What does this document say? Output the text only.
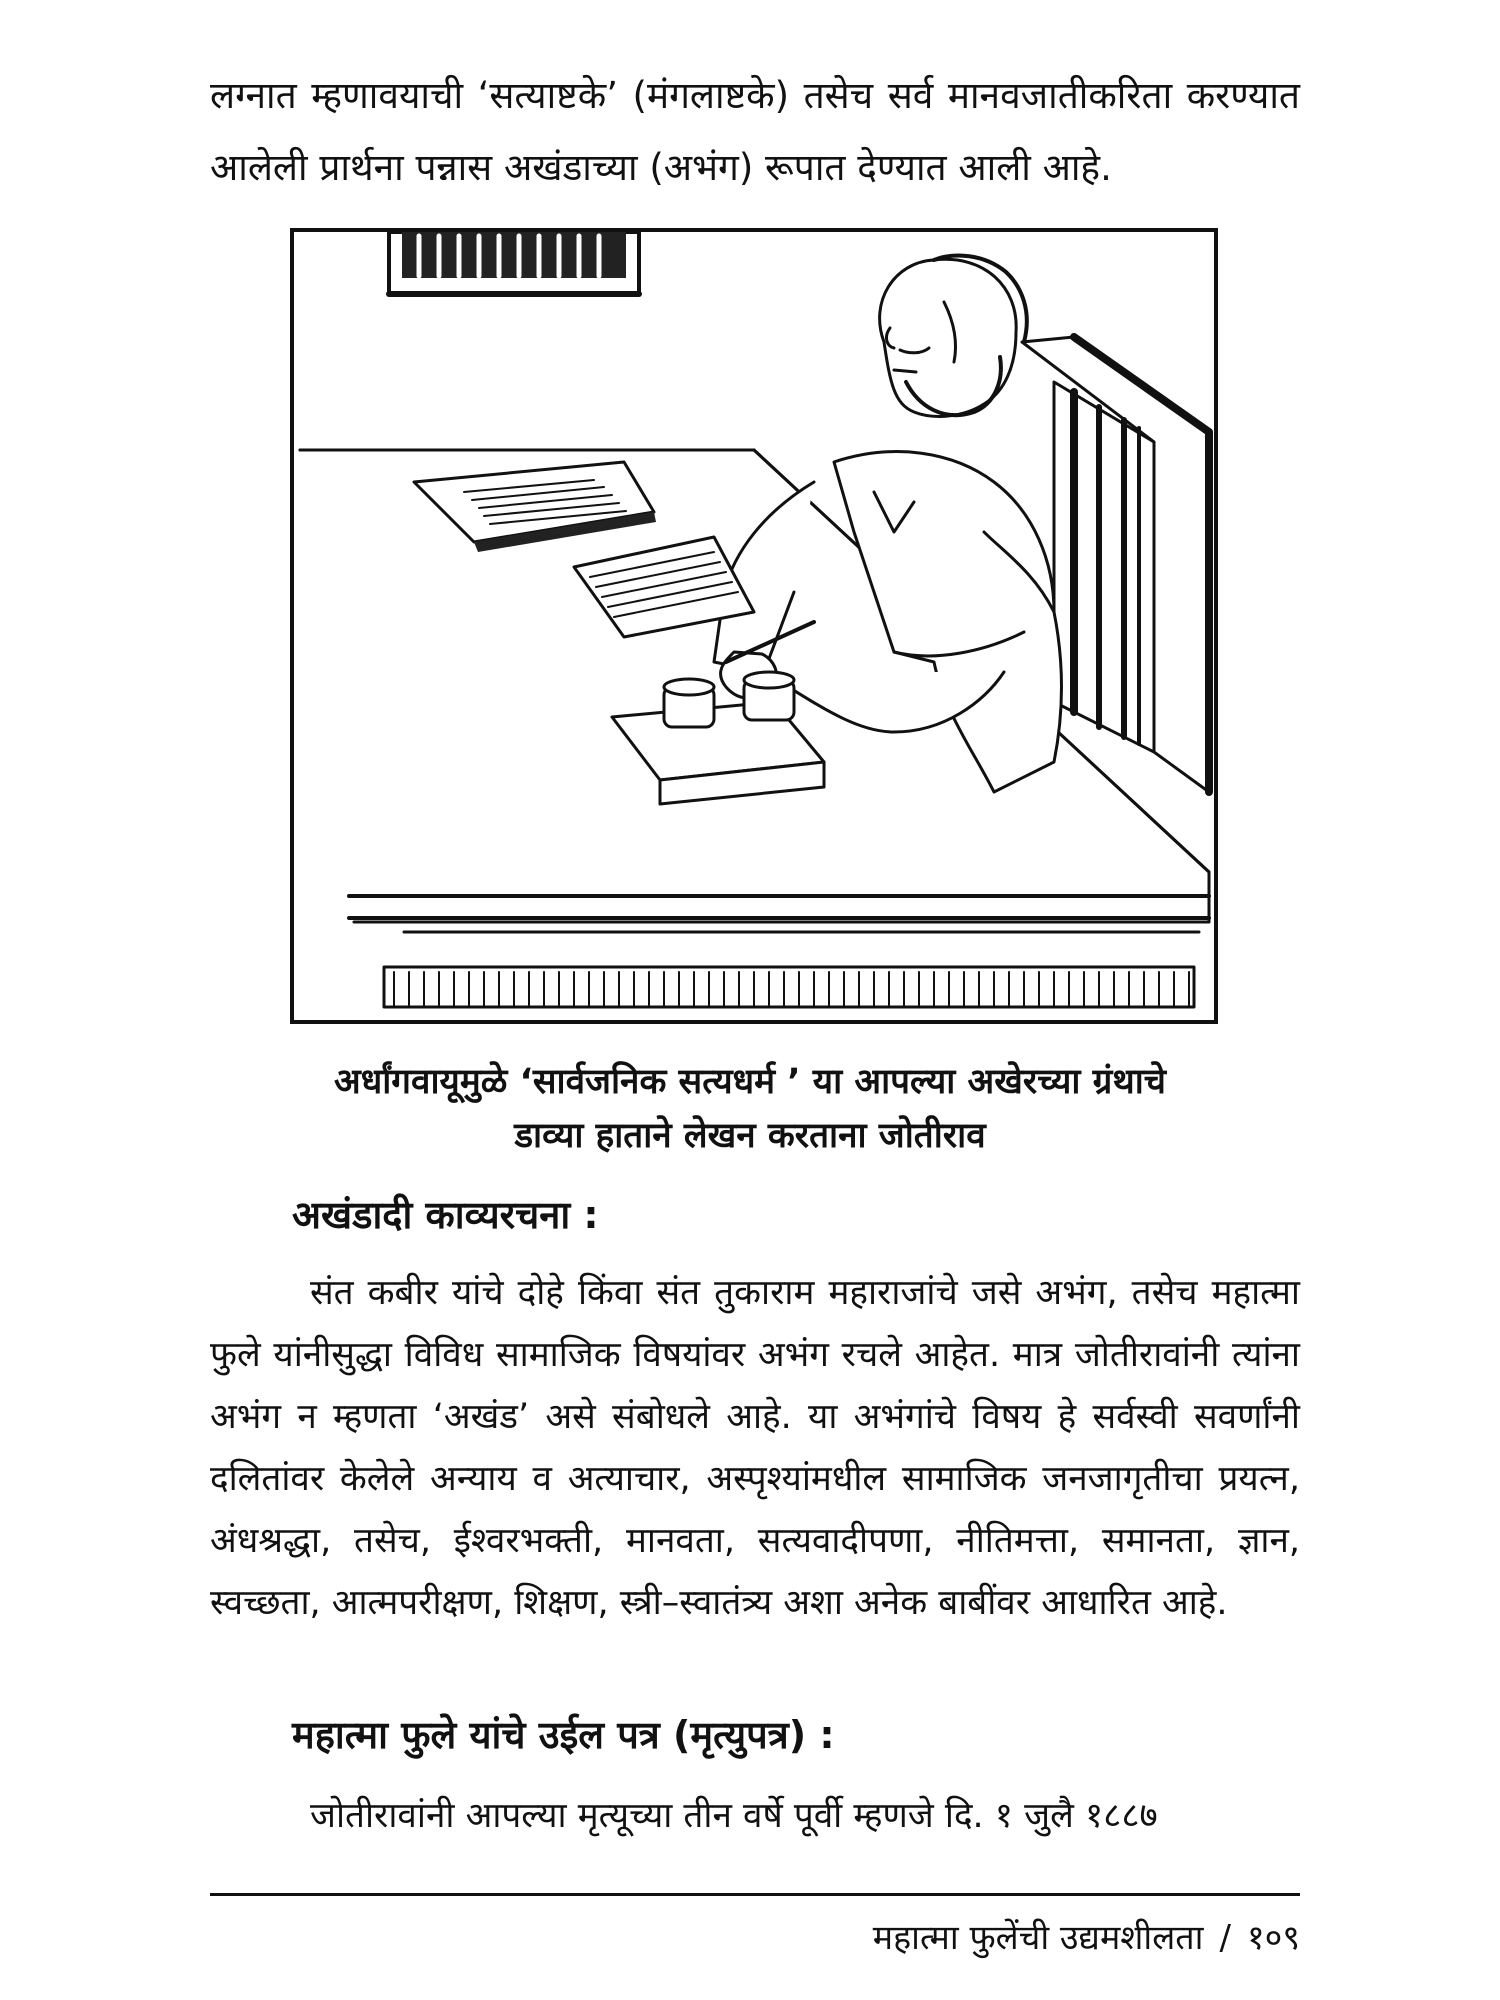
लग्नात म्हणावयाची ‘सत्याष्टके’ (मंगलाष्टके) तसेच सर्व मानवजातीकरिता करण्यात आलेली प्रार्थना पन्नास अखंडाच्या (अभंग) रूपात देण्यात आली आहे.

अर्धांगवायूमुळे ‘सार्वजनिक सत्यधर्म ’ या आपल्या अखेरच्या ग्रंथाचे
डाव्या हाताने लेखन करताना जोतीराव
अखंडादी काव्यरचना :

संत कबीर यांचे दोहे किंवा संत तुकाराम महाराजांचे जसे अभंग, तसेच महात्मा फुले यांनीसुद्धा विविध सामाजिक विषयांवर अभंग रचले आहेत. मात्र जोतीरावांनी त्यांना अभंग न म्हणता ‘अखंड’ असे संबोधले आहे. या अभंगांचे विषय हे सर्वस्वी सवर्णांनी दलितांवर केलेले अन्याय व अत्याचार, अस्पृश्यांमधील सामाजिक जनजागृतीचा प्रयत्न, अंधश्रद्धा, तसेच, ईश्वरभक्ती, मानवता, सत्यवादीपणा, नीतिमत्ता, समानता, ज्ञान, स्वच्छता, आत्मपरीक्षण, शिक्षण, स्त्री–स्वातंत्र्य अशा अनेक बाबींवर आधारित आहे.

महात्मा फुले यांचे उईल पत्र (मृत्युपत्र) :

जोतीरावांनी आपल्या मृत्यूच्या तीन वर्षे पूर्वी म्हणजे दि. १ जुलै १८८७

महात्मा फुलेंची उद्यमशीलता / १०९
